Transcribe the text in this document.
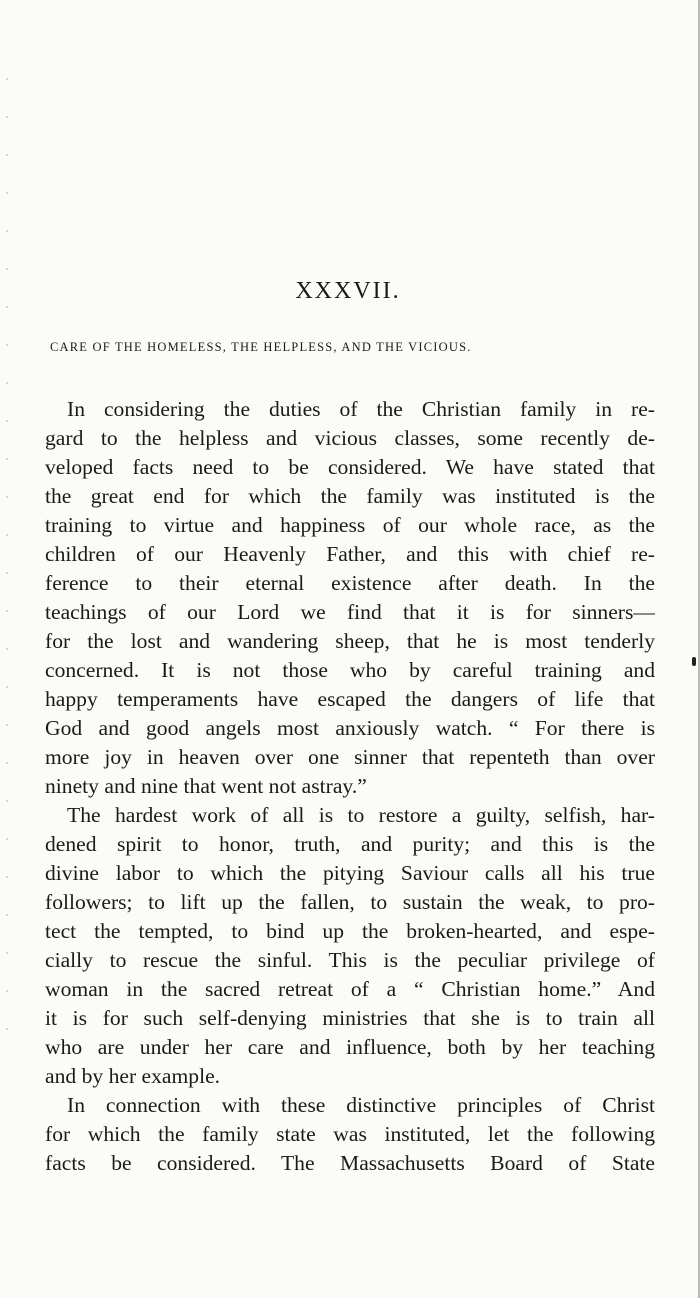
XXXVII.
CARE OF THE HOMELESS, THE HELPLESS, AND THE VICIOUS.
In considering the duties of the Christian family in re-
gard to the helpless and vicious classes, some recently de-
veloped facts need to be considered. We have stated that
the great end for which the family was instituted is the
training to virtue and happiness of our whole race, as the
children of our Heavenly Father, and this with chief re-
ference to their eternal existence after death. In the
teachings of our Lord we find that it is for sinners—
for the lost and wandering sheep, that he is most tenderly
concerned. It is not those who by careful training and
happy temperaments have escaped the dangers of life that
God and good angels most anxiously watch. “ For there is
more joy in heaven over one sinner that repenteth than over
ninety and nine that went not astray.”
The hardest work of all is to restore a guilty, selfish, har-
dened spirit to honor, truth, and purity; and this is the
divine labor to which the pitying Saviour calls all his true
followers; to lift up the fallen, to sustain the weak, to pro-
tect the tempted, to bind up the broken-hearted, and espe-
cially to rescue the sinful. This is the peculiar privilege of
woman in the sacred retreat of a “ Christian home.” And
it is for such self-denying ministries that she is to train all
who are under her care and influence, both by her teaching
and by her example.
In connection with these distinctive principles of Christ
for which the family state was instituted, let the following
facts be considered. The Massachusetts Board of State
